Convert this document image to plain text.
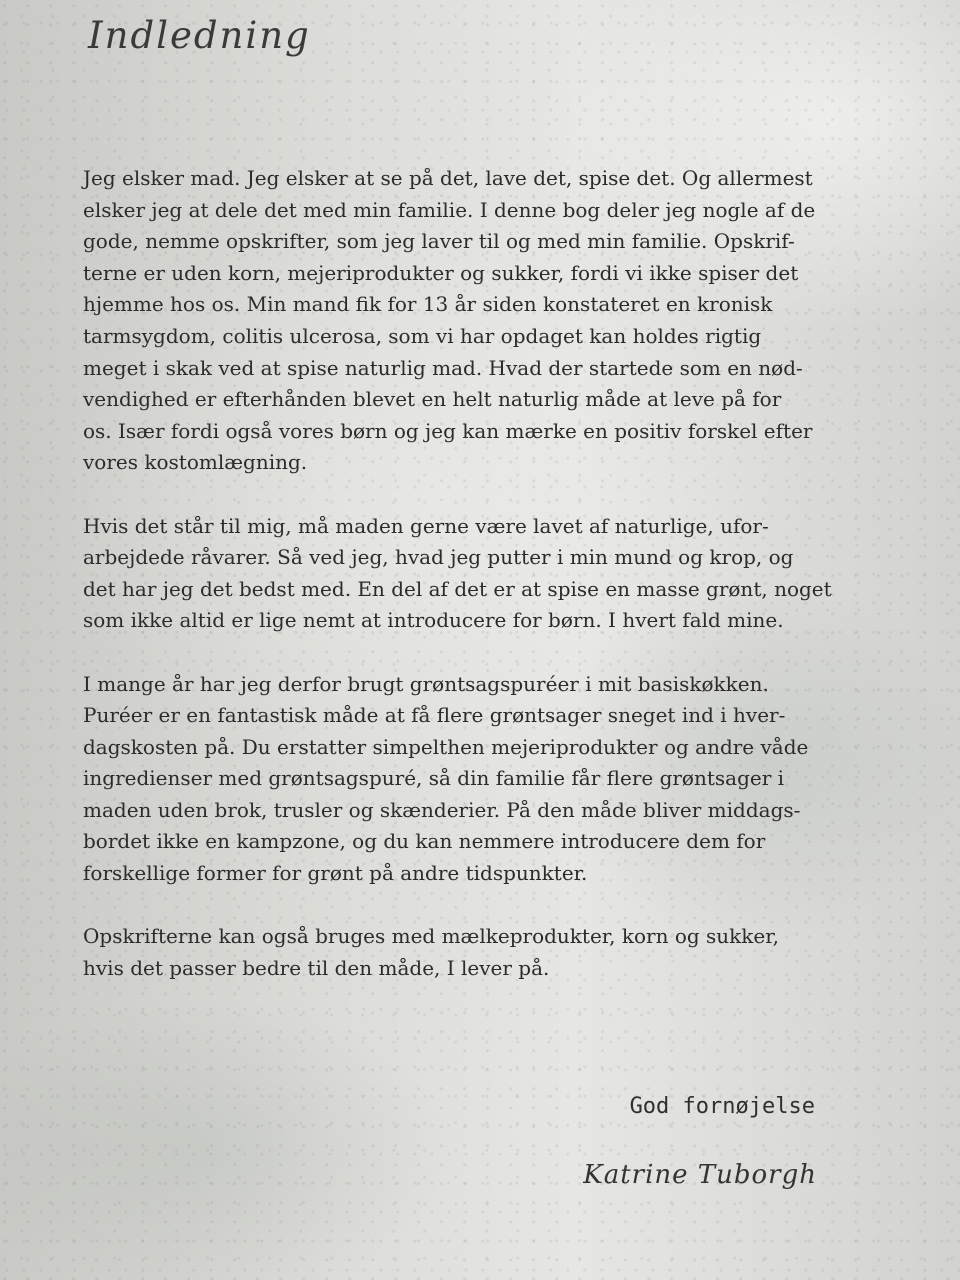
Indledning

Jeg elsker mad. Jeg elsker at se på det, lave det, spise det. Og allermest
elsker jeg at dele det med min familie. I denne bog deler jeg nogle af de
gode, nemme opskrifter, som jeg laver til og med min familie. Opskrif-
terne er uden korn, mejeriprodukter og sukker, fordi vi ikke spiser det
hjemme hos os. Min mand fik for 13 år siden konstateret en kronisk
tarmsygdom, colitis ulcerosa, som vi har opdaget kan holdes rigtig
meget i skak ved at spise naturlig mad. Hvad der startede som en nød-
vendighed er efterhånden blevet en helt naturlig måde at leve på for
os. Især fordi også vores børn og jeg kan mærke en positiv forskel efter
vores kostomlægning.

Hvis det står til mig, må maden gerne være lavet af naturlige, ufor-
arbejdede råvarer. Så ved jeg, hvad jeg putter i min mund og krop, og
det har jeg det bedst med. En del af det er at spise en masse grønt, noget
som ikke altid er lige nemt at introducere for børn. I hvert fald mine.

I mange år har jeg derfor brugt grøntsagspuréer i mit basiskøkken.
Puréer er en fantastisk måde at få flere grøntsager sneget ind i hver-
dagskosten på. Du erstatter simpelthen mejeriprodukter og andre våde
ingredienser med grøntsagspuré, så din familie får flere grøntsager i
maden uden brok, trusler og skænderier. På den måde bliver middags-
bordet ikke en kampzone, og du kan nemmere introducere dem for
forskellige former for grønt på andre tidspunkter.

Opskrifterne kan også bruges med mælkeprodukter, korn og sukker,
hvis det passer bedre til den måde, I lever på.

God fornøjelse

Katrine Tuborgh
